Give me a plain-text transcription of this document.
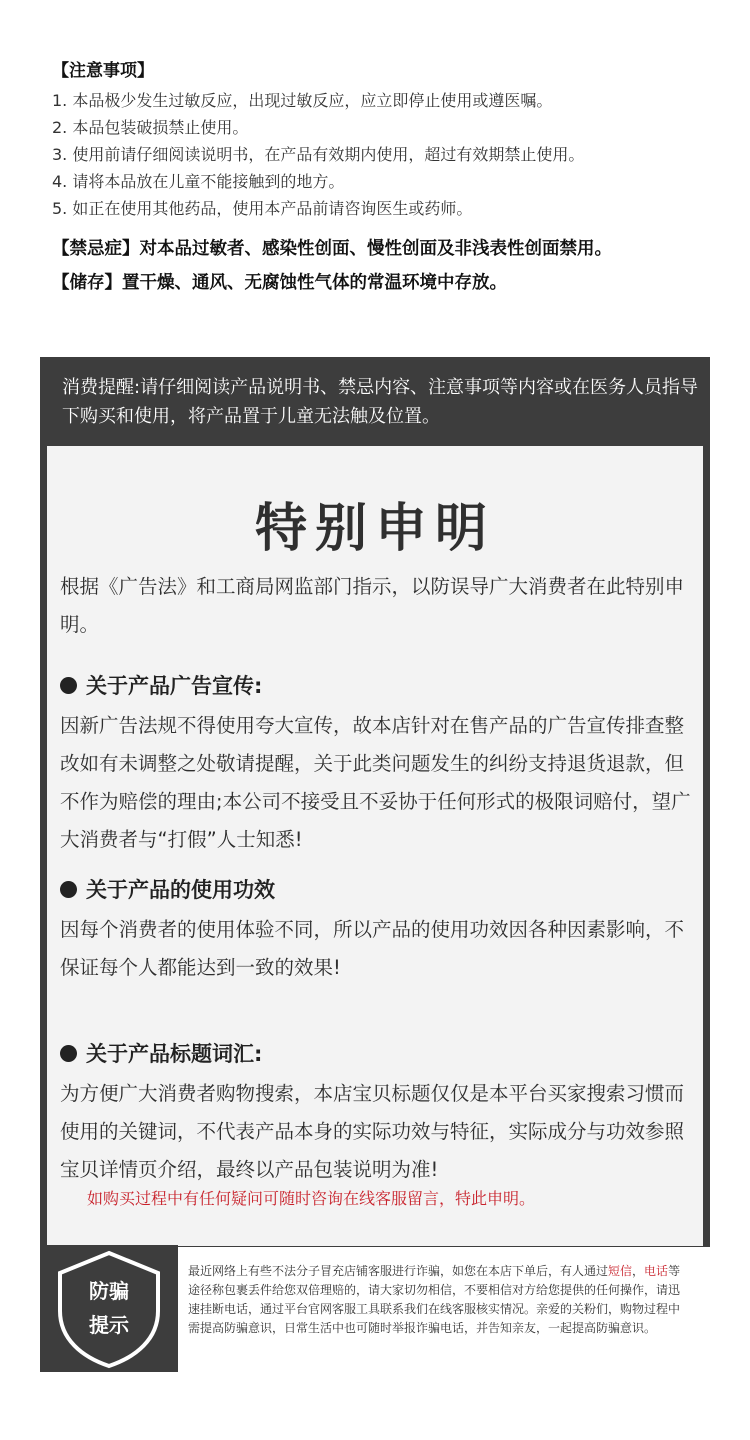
【注意事项】
1. 本品极少发生过敏反应，出现过敏反应，应立即停止使用或遵医嘱。
2. 本品包装破损禁止使用。
3. 使用前请仔细阅读说明书，在产品有效期内使用，超过有效期禁止使用。
4. 请将本品放在儿童不能接触到的地方。
5. 如正在使用其他药品，使用本产品前请咨询医生或药师。
【禁忌症】对本品过敏者、感染性创面、慢性创面及非浅表性创面禁用。
【储存】置干燥、通风、无腐蚀性气体的常温环境中存放。
消费提醒:请仔细阅读产品说明书、禁忌内容、注意事项等内容或在医务人员指导下购买和使用，将产品置于儿童无法触及位置。
特别申明
根据《广告法》和工商局网监部门指示，以防误导广大消费者在此特别申明。
关于产品广告宣传:
因新广告法规不得使用夸大宣传，故本店针对在售产品的广告宣传排查整改如有未调整之处敬请提醒，关于此类问题发生的纠纷支持退货退款，但不作为赔偿的理由;本公司不接受且不妥协于任何形式的极限词赔付，望广大消费者与“打假”人士知悉!
关于产品的使用功效
因每个消费者的使用体验不同，所以产品的使用功效因各种因素影响，不保证每个人都能达到一致的效果!
关于产品标题词汇:
为方便广大消费者购物搜索，本店宝贝标题仅仅是本平台买家搜索习惯而使用的关键词，不代表产品本身的实际功效与特征，实际成分与功效参照宝贝详情页介绍，最终以产品包装说明为准!
如购买过程中有任何疑问可随时咨询在线客服留言，特此申明。
防骗
提示
最近网络上有些不法分子冒充店铺客服进行诈骗，如您在本店下单后，有人通过短信，电话等途径称包裹丢件给您双倍理赔的，请大家切勿相信，不要相信对方给您提供的任何操作，请迅速挂断电话，通过平台官网客服工具联系我们在线客服核实情况。亲爱的关粉们，购物过程中需提高防骗意识，日常生活中也可随时举报诈骗电话，并告知亲友，一起提高防骗意识。
